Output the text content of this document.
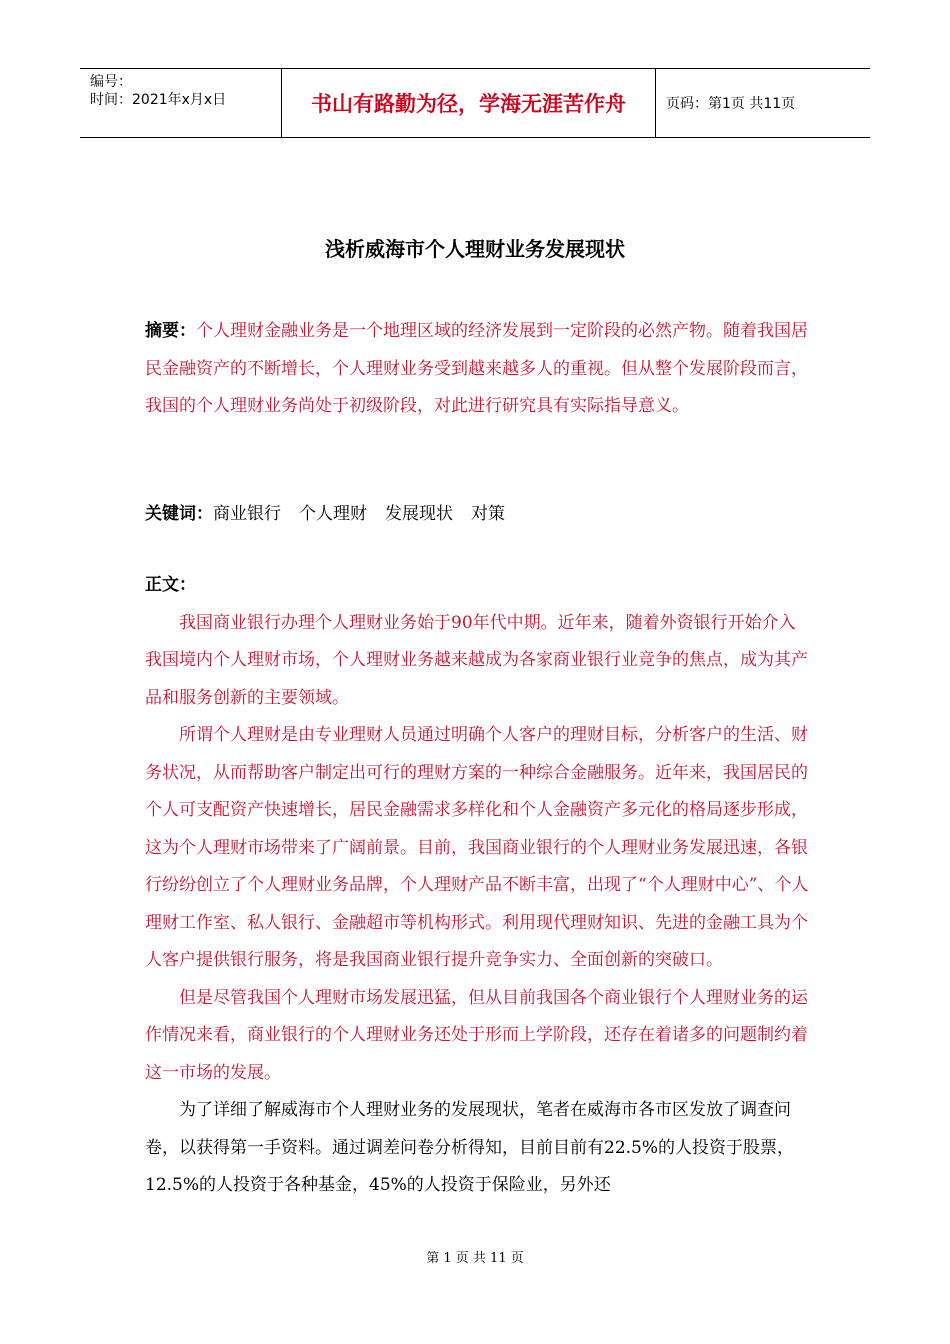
编号：
时间：2021年x月x日	书山有路勤为径，学海无涯苦作舟	页码：第1页 共11页
浅析威海市个人理财业务发展现状
摘要：个人理财金融业务是一个地理区域的经济发展到一定阶段的必然产物。随着我国居民金融资产的不断增长，个人理财业务受到越来越多人的重视。但从整个发展阶段而言，我国的个人理财业务尚处于初级阶段，对此进行研究具有实际指导意义。
关键词：商业银行 个人理财 发展现状 对策
正文：

我国商业银行办理个人理财业务始于90年代中期。近年来，随着外资银行开始介入我国境内个人理财市场，个人理财业务越来越成为各家商业银行业竞争的焦点，成为其产品和服务创新的主要领域。

所谓个人理财是由专业理财人员通过明确个人客户的理财目标，分析客户的生活、财务状况，从而帮助客户制定出可行的理财方案的一种综合金融服务。近年来，我国居民的个人可支配资产快速增长，居民金融需求多样化和个人金融资产多元化的格局逐步形成，这为个人理财市场带来了广阔前景。目前，我国商业银行的个人理财业务发展迅速，各银行纷纷创立了个人理财业务品牌，个人理财产品不断丰富，出现了“个人理财中心”、个人理财工作室、私人银行、金融超市等机构形式。利用现代理财知识、先进的金融工具为个人客户提供银行服务，将是我国商业银行提升竞争实力、全面创新的突破口。

但是尽管我国个人理财市场发展迅猛，但从目前我国各个商业银行个人理财业务的运作情况来看，商业银行的个人理财业务还处于形而上学阶段，还存在着诸多的问题制约着这一市场的发展。

为了详细了解威海市个人理财业务的发展现状，笔者在威海市各市区发放了调查问卷，以获得第一手资料。通过调差问卷分析得知，目前目前有22.5%的人投资于股票，12.5%的人投资于各种基金，45%的人投资于保险业，另外还

第 1 页 共 11 页
